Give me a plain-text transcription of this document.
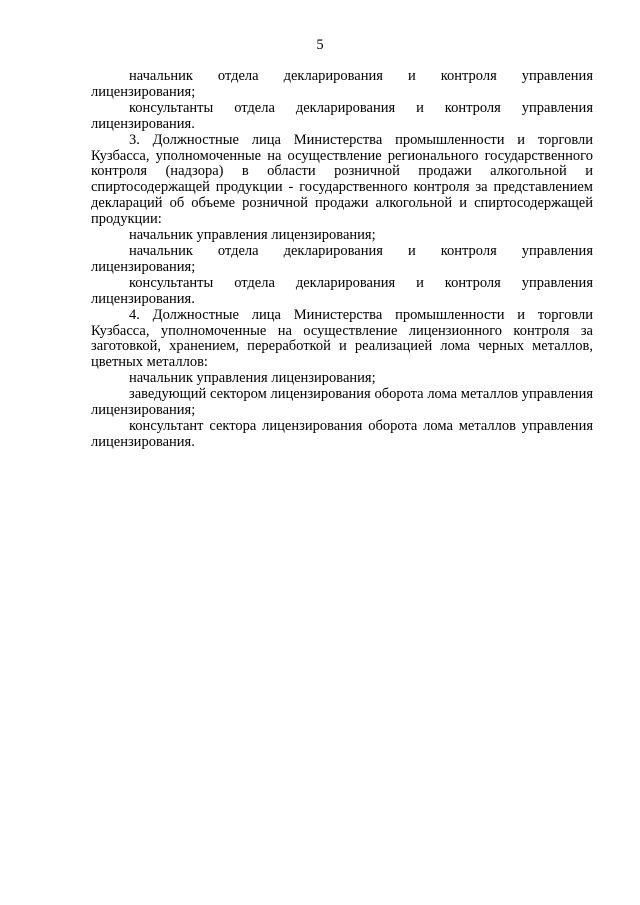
5

начальник отдела декларирования и контроля управления лицензирования;

консультанты отдела декларирования и контроля управления лицензирования.

3. Должностные лица Министерства промышленности и торговли Кузбасса, уполномоченные на осуществление регионального государственного контроля (надзора) в области розничной продажи алкогольной и спиртосодержащей продукции - государственного контроля за представлением деклараций об объеме розничной продажи алкогольной и спиртосодержащей продукции:

начальник управления лицензирования;

начальник отдела декларирования и контроля управления лицензирования;

консультанты отдела декларирования и контроля управления лицензирования.

4. Должностные лица Министерства промышленности и торговли Кузбасса, уполномоченные на осуществление лицензионного контроля за заготовкой, хранением, переработкой и реализацией лома черных металлов, цветных металлов:

начальник управления лицензирования;

заведующий сектором лицензирования оборота лома металлов управления лицензирования;

консультант сектора лицензирования оборота лома металлов управления лицензирования.
